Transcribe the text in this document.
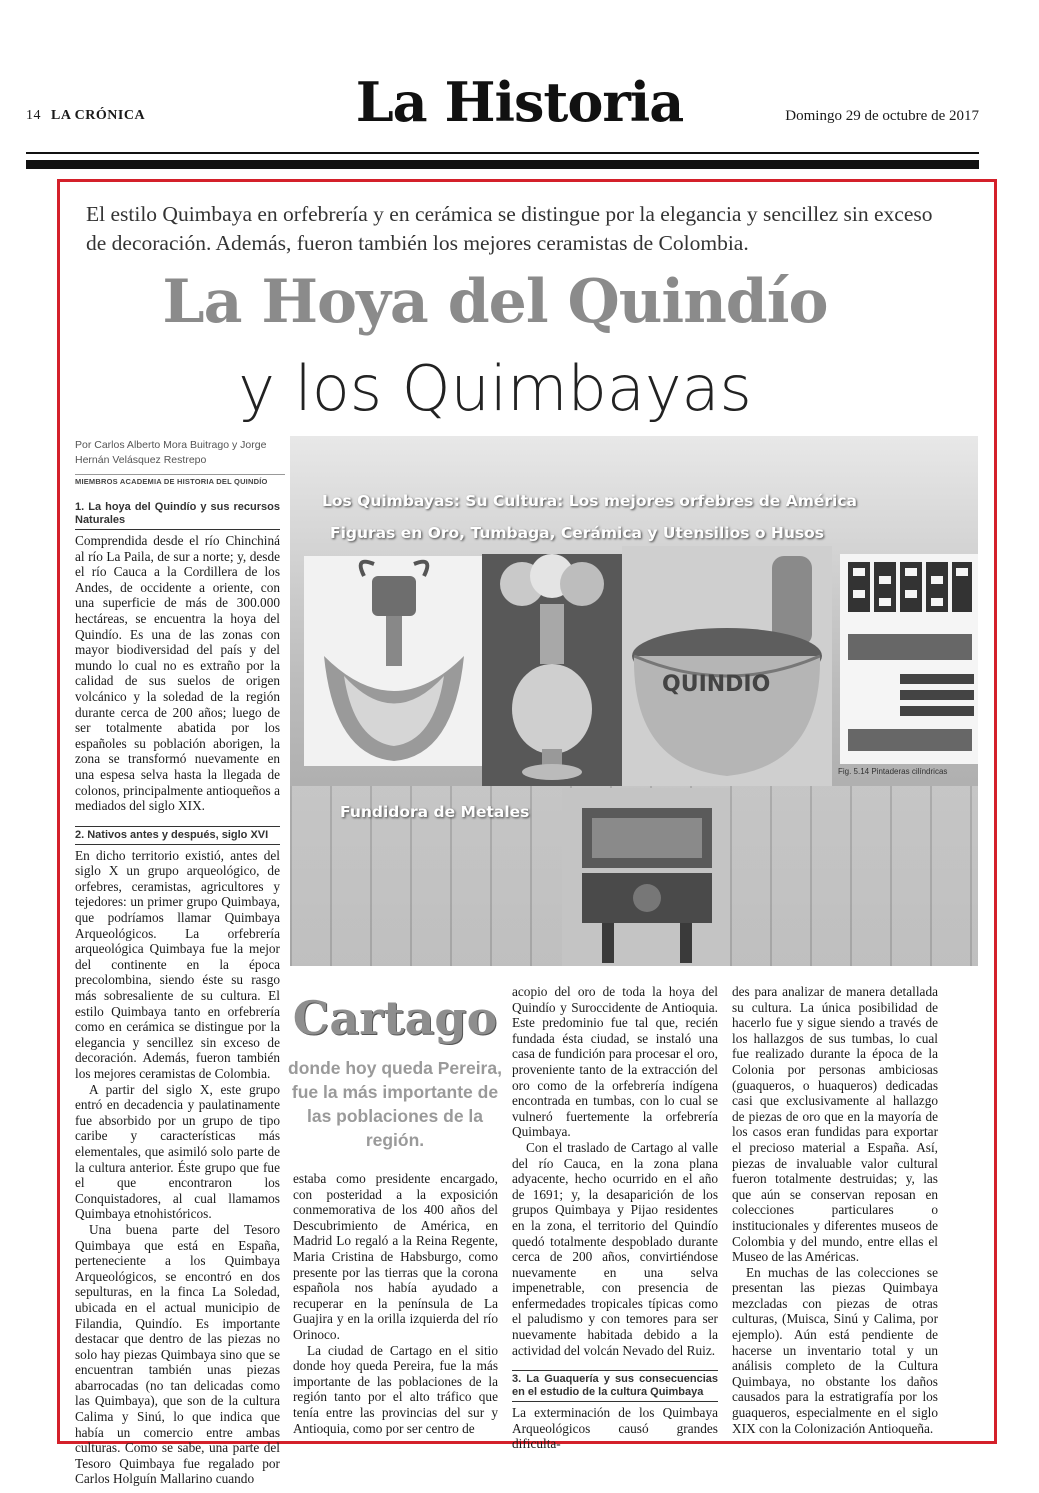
14 LA CRÓNICA	La Historia	Domingo 29 de octubre de 2017
El estilo Quimbaya en orfebrería y en cerámica se distingue por la elegancia y sencillez sin exceso de decoración. Además, fueron también los mejores ceramistas de Colombia.
La Hoya del Quindío
y los Quimbayas
Por Carlos Alberto Mora Buitrago y Jorge Hernán Velásquez Restrepo
MIEMBROS ACADEMIA DE HISTORIA DEL QUINDÍO
1. La hoya del Quindío y sus recursos Naturales

Comprendida desde el río Chinchiná al río La Paila, de sur a norte; y, desde el río Cauca a la Cordillera de los Andes, de occidente a oriente, con una superficie de más de 300.000 hectáreas, se encuentra la hoya del Quindío. Es una de las zonas con mayor biodiversidad del país y del mundo lo cual no es extraño por la calidad de sus suelos de origen volcánico y la soledad de la región durante cerca de 200 años; luego de ser totalmente abatida por los españoles su población aborigen, la zona se transformó nuevamente en una espesa selva hasta la llegada de colonos, principalmente antioqueños a mediados del siglo XIX.

2. Nativos antes y después, siglo XVI

En dicho territorio existió, antes del siglo X un grupo arqueológico, de orfebres, ceramistas, agricultores y tejedores: un primer grupo Quimbaya, que podríamos llamar Quimbaya Arqueológicos. La orfebrería arqueológica Quimbaya fue la mejor del continente en la época precolombina, siendo éste su rasgo más sobresaliente de su cultura. El estilo Quimbaya tanto en orfebrería como en cerámica se distingue por la elegancia y sencillez sin exceso de decoración. Además, fueron también los mejores ceramistas de Colombia.

A partir del siglo X, este grupo entró en decadencia y paulatinamente fue absorbido por un grupo de tipo caribe y características más elementales, que asimiló solo parte de la cultura anterior. Éste grupo que fue el que encontraron los Conquistadores, al cual llamamos Quimbaya etnohistóricos.

Una buena parte del Tesoro Quimbaya que está en España, perteneciente a los Quimbaya Arqueológicos, se encontró en dos sepulturas, en la finca La Soledad, ubicada en el actual municipio de Filandia, Quindío. Es importante destacar que dentro de las piezas no solo hay piezas Quimbaya sino que se encuentran también unas piezas abarrocadas (no tan delicadas como las Quimbaya), que son de la cultura Calima y Sinú, lo que indica que había un comercio entre ambas culturas. Como se sabe, una parte del Tesoro Quimbaya fue regalado por Carlos Holguín Mallarino cuando

QUINDIO
Los Quimbayas: Su Cultura: Los mejores orfebres de América
Figuras en Oro, Tumbaga, Cerámica y Utensilios o Husos
Fundidora de Metales
Fig. 5.14 Pintaderas cilíndricas
Cartago
donde hoy queda Pereira, fue la más importante de las poblaciones de la región.

estaba como presidente encargado, con posteridad a la exposición conmemorativa de los 400 años del Descubrimiento de América, en Madrid Lo regaló a la Reina Regente, Maria Cristina de Habsburgo, como presente por las tierras que la corona española nos había ayudado a recuperar en la península de La Guajira y en la orilla izquierda del río Orinoco.

La ciudad de Cartago en el sitio donde hoy queda Pereira, fue la más importante de las poblaciones de la región tanto por el alto tráfico que tenía entre las provincias del sur y Antioquia, como por ser centro de

acopio del oro de toda la hoya del Quindío y Suroccidente de Antioquia. Este predominio fue tal que, recién fundada ésta ciudad, se instaló una casa de fundición para procesar el oro, proveniente tanto de la extracción del oro como de la orfebrería indígena encontrada en tumbas, con lo cual se vulneró fuertemente la orfebrería Quimbaya.

Con el traslado de Cartago al valle del río Cauca, en la zona plana adyacente, hecho ocurrido en el año de 1691; y, la desaparición de los grupos Quimbaya y Pijao residentes en la zona, el territorio del Quindío quedó totalmente despoblado durante cerca de 200 años, convirtiéndose nuevamente en una selva impenetrable, con presencia de enfermedades tropicales típicas como el paludismo y con temores para ser nuevamente habitada debido a la actividad del volcán Nevado del Ruiz.

3. La Guaquería y sus consecuencias en el estudio de la cultura Quimbaya

La exterminación de los Quimbaya Arqueológicos causó grandes dificulta-

des para analizar de manera detallada su cultura. La única posibilidad de hacerlo fue y sigue siendo a través de los hallazgos de sus tumbas, lo cual fue realizado durante la época de la Colonia por personas ambiciosas (guaqueros, o huaqueros) dedicadas casi que exclusivamente al hallazgo de piezas de oro que en la mayoría de los casos eran fundidas para exportar el precioso material a España. Así, piezas de invaluable valor cultural fueron totalmente destruidas; y, las que aún se conservan reposan en colecciones particulares o institucionales y diferentes museos de Colombia y del mundo, entre ellas el Museo de las Américas.

En muchas de las colecciones se presentan las piezas Quimbaya mezcladas con piezas de otras culturas, (Muisca, Sinú y Calima, por ejemplo). Aún está pendiente de hacerse un inventario total y un análisis completo de la Cultura Quimbaya, no obstante los daños causados para la estratigrafía por los guaqueros, especialmente en el siglo XIX con la Colonización Antioqueña.
